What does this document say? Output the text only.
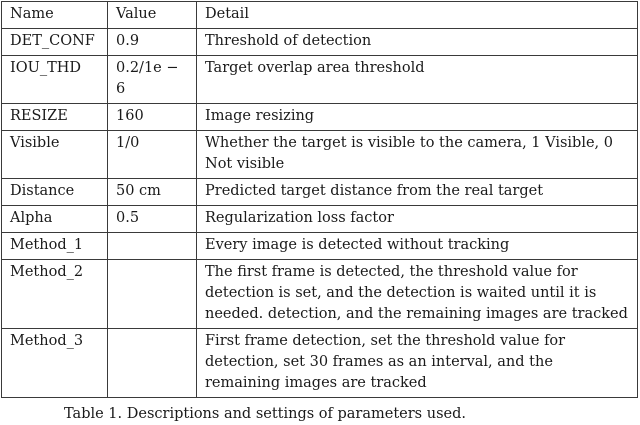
Name	Value	Detail
DET_CONF	0.9	Threshold of detection
IOU_THD	0.2/1e − 6	Target overlap area threshold
RESIZE	160	Image resizing
Visible	1/0	Whether the target is visible to the camera, 1 Visible, 0 Not visible
Distance	50 cm	Predicted target distance from the real target
Alpha	0.5	Regularization loss factor
Method_1		Every image is detected without tracking
Method_2		The first frame is detected, the threshold value for detection is set, and the detection is waited until it is needed. detection, and the remaining images are tracked
Method_3		First frame detection, set the threshold value for detection, set 30 frames as an interval, and the remaining images are tracked
Table 1. Descriptions and settings of parameters used.
